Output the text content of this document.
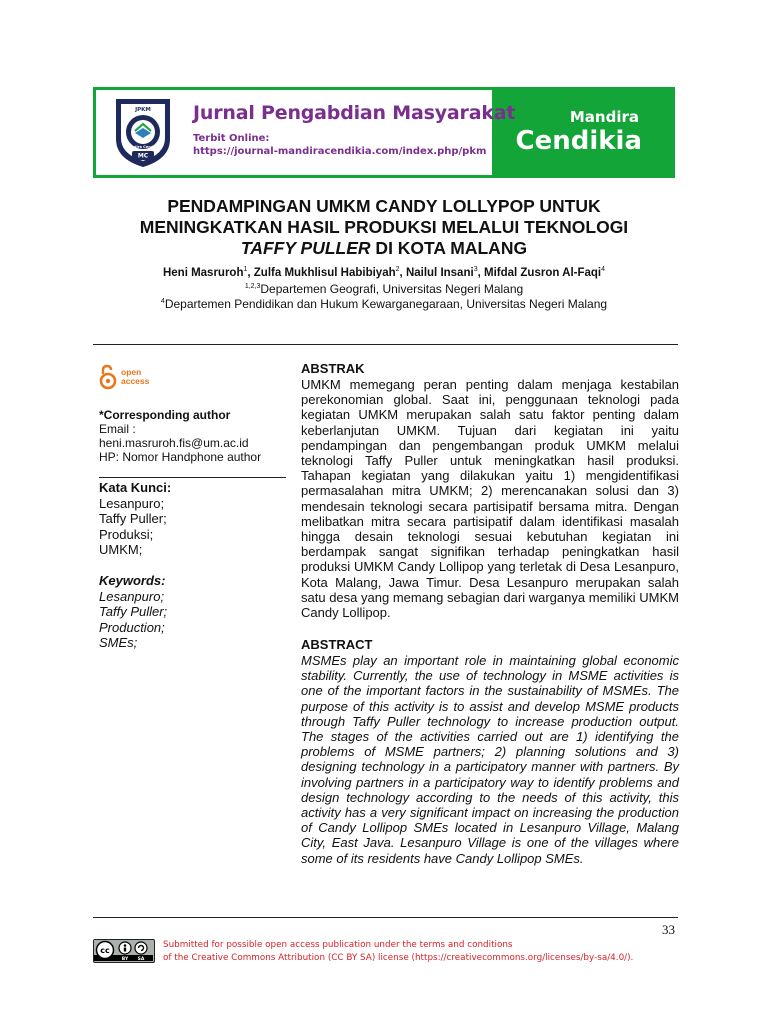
MC
JPKM
Mandira Cendikia
Jurnal Pengabdian Masyarakat
Terbit Online:
https://journal-mandiracendikia.com/index.php/pkm
Mandira
Cendikia
PENDAMPINGAN UMKM CANDY LOLLYPOP UNTUK
MENINGKATKAN HASIL PRODUKSI MELALUI TEKNOLOGI
TAFFY PULLER DI KOTA MALANG
Heni Masruroh$^1$, Zulfa Mukhlisul Habibiyah$^2$, Nailul Insani$^3$, Mifdal Zusron Al-Faqi$^4$
$^{1,2,3}$Departemen Geografi, Universitas Negeri Malang
$^4$Departemen Pendidikan dan Hukum Kewarganegaraan, Universitas Negeri Malang
open
access
*Corresponding author
Email :
heni.masruroh.fis@um.ac.id
HP: Nomor Handphone author
Kata Kunci:
Lesanpuro;
Taffy Puller;
Produksi;
UMKM;
Keywords:
Lesanpuro;
Taffy Puller;
Production;
SMEs;
ABSTRAK

UMKM memegang peran penting dalam menjaga kestabilan perekonomian global. Saat ini, penggunaan teknologi pada kegiatan UMKM merupakan salah satu faktor penting dalam keberlanjutan UMKM. Tujuan dari kegiatan ini yaitu pendampingan dan pengembangan produk UMKM melalui teknologi Taffy Puller untuk meningkatkan hasil produksi. Tahapan kegiatan yang dilakukan yaitu 1) mengidentifikasi permasalahan mitra UMKM; 2) merencanakan solusi dan 3) mendesain teknologi secara partisipatif bersama mitra. Dengan melibatkan mitra secara partisipatif dalam identifikasi masalah hingga desain teknologi sesuai kebutuhan kegiatan ini berdampak sangat signifikan terhadap peningkatkan hasil produksi UMKM Candy Lollipop yang terletak di Desa Lesanpuro, Kota Malang, Jawa Timur. Desa Lesanpuro merupakan salah satu desa yang memang sebagian dari warganya memiliki UMKM Candy Lollipop.

ABSTRACT

MSMEs play an important role in maintaining global economic stability. Currently, the use of technology in MSME activities is one of the important factors in the sustainability of MSMEs. The purpose of this activity is to assist and develop MSME products through Taffy Puller technology to increase production output. The stages of the activities carried out are 1) identifying the problems of MSME partners; 2) planning solutions and 3) designing technology in a participatory manner with partners. By involving partners in a participatory way to identify problems and design technology according to the needs of this activity, this activity has a very significant impact on increasing the production of Candy Lollipop SMEs located in Lesanpuro Village, Malang City, East Java. Lesanpuro Village is one of the villages where some of its residents have Candy Lollipop SMEs.

33
cc
BY SA
Submitted for possible open access publication under the terms and conditions
of the Creative Commons Attribution (CC BY SA) license (https://creativecommons.org/licenses/by-sa/4.0/).
